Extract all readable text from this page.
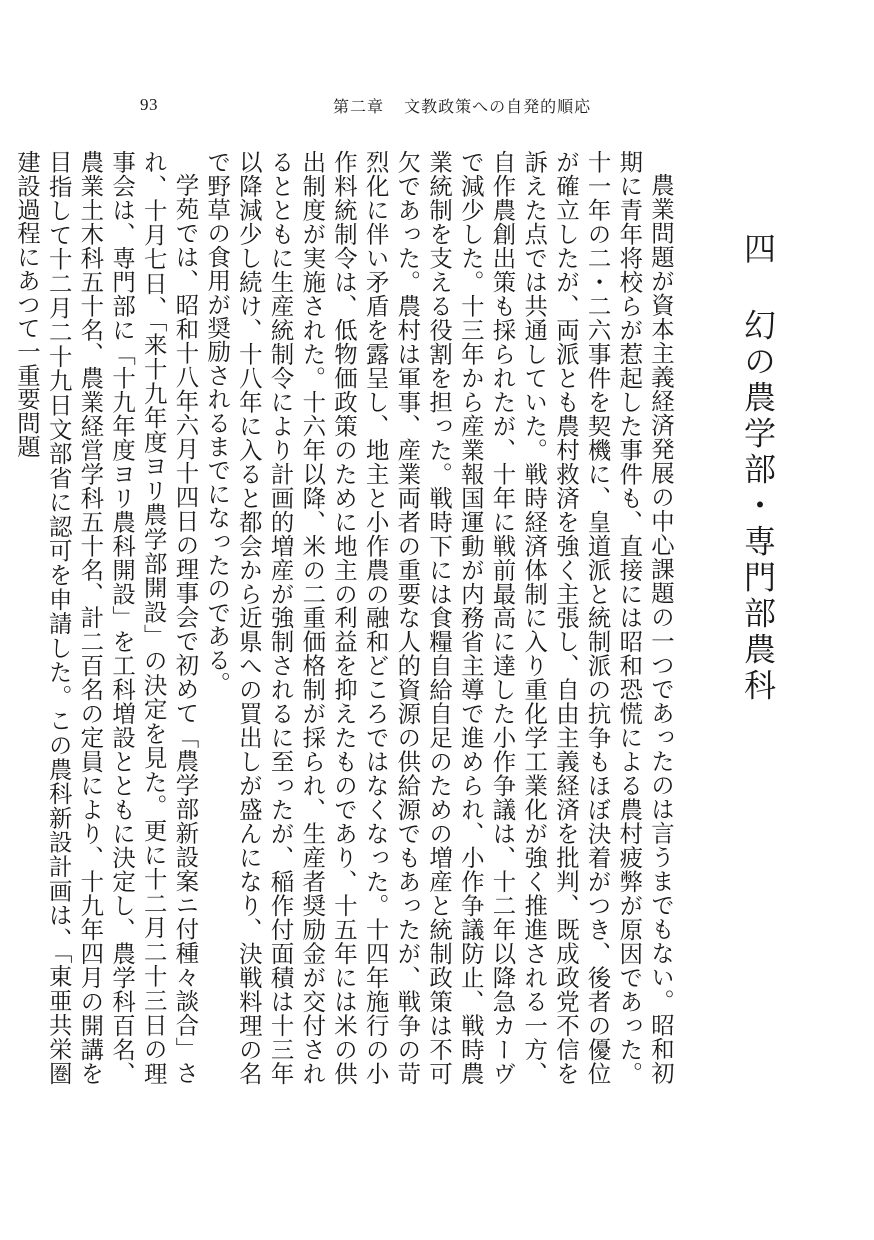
93	第二章 文教政策への自発的順応
四 幻の農学部・専門部農科

農業問題が資本主義経済発展の中心課題の一つであったのは言うまでもない。昭和初期に青年将校らが惹起した事件も、直接には昭和恐慌による農村疲弊が原因であった。十一年の二・二六事件を契機に、皇道派と統制派の抗争もほぼ決着がつき、後者の優位が確立したが、両派とも農村救済を強く主張し、自由主義経済を批判、既成政党不信を訴えた点では共通していた。戦時経済体制に入り重化学工業化が強く推進される一方、自作農創出策も採られたが、十年に戦前最高に達した小作争議は、十二年以降急カーヴで減少した。十三年から産業報国運動が内務省主導で進められ、小作争議防止、戦時農業統制を支える役割を担った。戦時下には食糧自給自足のための増産と統制政策は不可欠であった。農村は軍事、産業両者の重要な人的資源の供給源でもあったが、戦争の苛烈化に伴い矛盾を露呈し、地主と小作農の融和どころではなくなった。十四年施行の小作料統制令は、低物価政策のために地主の利益を抑えたものであり、十五年には米の供出制度が実施された。十六年以降、米の二重価格制が採られ、生産者奨励金が交付されるとともに生産統制令により計画的増産が強制されるに至ったが、稲作付面積は十三年以降減少し続け、十八年に入ると都会から近県への買出しが盛んになり、決戦料理の名で野草の食用が奨励されるまでになったのである。

学苑では、昭和十八年六月十四日の理事会で初めて「農学部新設案ニ付種々談合」され、十月七日、「来十九年度ヨリ農学部開設」の決定を見た。更に十二月二十三日の理事会は、専門部に「十九年度ヨリ農科開設」を工科増設とともに決定し、農学科百名、農業土木科五十名、農業経営学科五十名、計二百名の定員により、十九年四月の開講を目指して十二月二十九日文部省に認可を申請した。この農科新設計画は、「東亜共栄圏建設過程にあつて一重要問題
